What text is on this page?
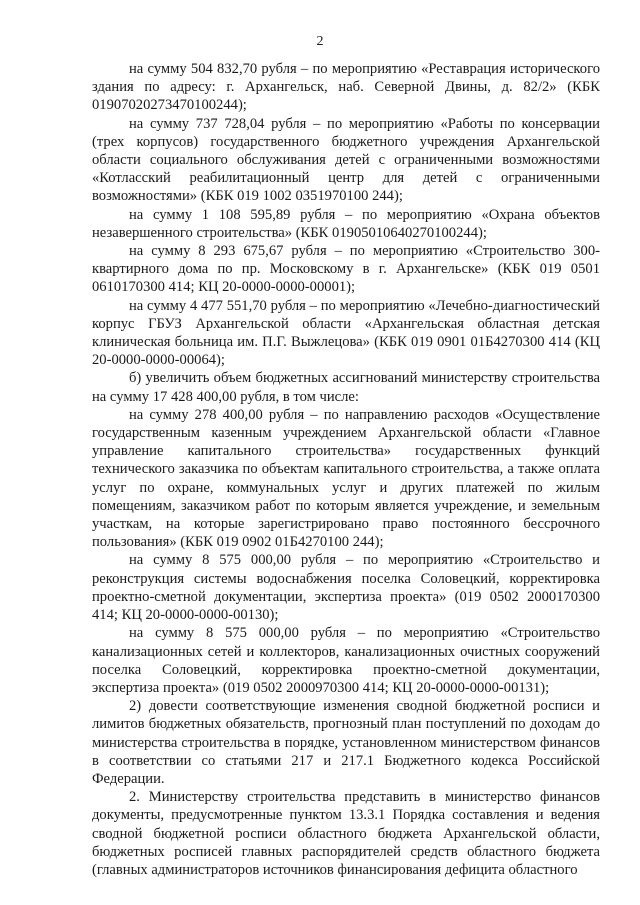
2

на сумму 504 832,70 рубля – по мероприятию «Реставрация исторического здания по адресу: г. Архангельск, наб. Северной Двины, д. 82/2» (КБК 01907020273470100244);

на сумму 737 728,04 рубля – по мероприятию «Работы по консервации (трех корпусов) государственного бюджетного учреждения Архангельской области социального обслуживания детей с ограниченными возможностями «Котласский реабилитационный центр для детей с ограниченными возможностями» (КБК 019 1002 0351970100 244);

на сумму 1 108 595,89 рубля – по мероприятию «Охрана объектов незавершенного строительства» (КБК 01905010640270100244);

на сумму 8 293 675,67 рубля – по мероприятию «Строительство 300-квартирного дома по пр. Московскому в г. Архангельске» (КБК 019 0501 0610170300 414; КЦ 20-0000-0000-00001);

на сумму 4 477 551,70 рубля – по мероприятию «Лечебно-диагностический корпус ГБУЗ Архангельской области «Архангельская областная детская клиническая больница им. П.Г. Выжлецова» (КБК 019 0901 01Б4270300 414 (КЦ 20-0000-0000-00064);

б) увеличить объем бюджетных ассигнований министерству строительства на сумму 17 428 400,00 рубля, в том числе:

на сумму 278 400,00 рубля – по направлению расходов «Осуществление государственным казенным учреждением Архангельской области «Главное управление капитального строительства» государственных функций технического заказчика по объектам капитального строительства, а также оплата услуг по охране, коммунальных услуг и других платежей по жилым помещениям, заказчиком работ по которым является учреждение, и земельным участкам, на которые зарегистрировано право постоянного бессрочного пользования» (КБК 019 0902 01Б4270100 244);

на сумму 8 575 000,00 рубля – по мероприятию «Строительство и реконструкция системы водоснабжения поселка Соловецкий, корректировка проектно-сметной документации, экспертиза проекта» (019 0502 2000170300 414; КЦ 20-0000-0000-00130);

на сумму 8 575 000,00 рубля – по мероприятию «Строительство канализационных сетей и коллекторов, канализационных очистных сооружений поселка Соловецкий, корректировка проектно-сметной документации, экспертиза проекта» (019 0502 2000970300 414; КЦ 20-0000-0000-00131);

2) довести соответствующие изменения сводной бюджетной росписи и лимитов бюджетных обязательств, прогнозный план поступлений по доходам до министерства строительства в порядке, установленном министерством финансов в соответствии со статьями 217 и 217.1 Бюджетного кодекса Российской Федерации.

2. Министерству строительства представить в министерство финансов документы, предусмотренные пунктом 13.3.1 Порядка составления и ведения сводной бюджетной росписи областного бюджета Архангельской области, бюджетных росписей главных распорядителей средств областного бюджета (главных администраторов источников финансирования дефицита областного
